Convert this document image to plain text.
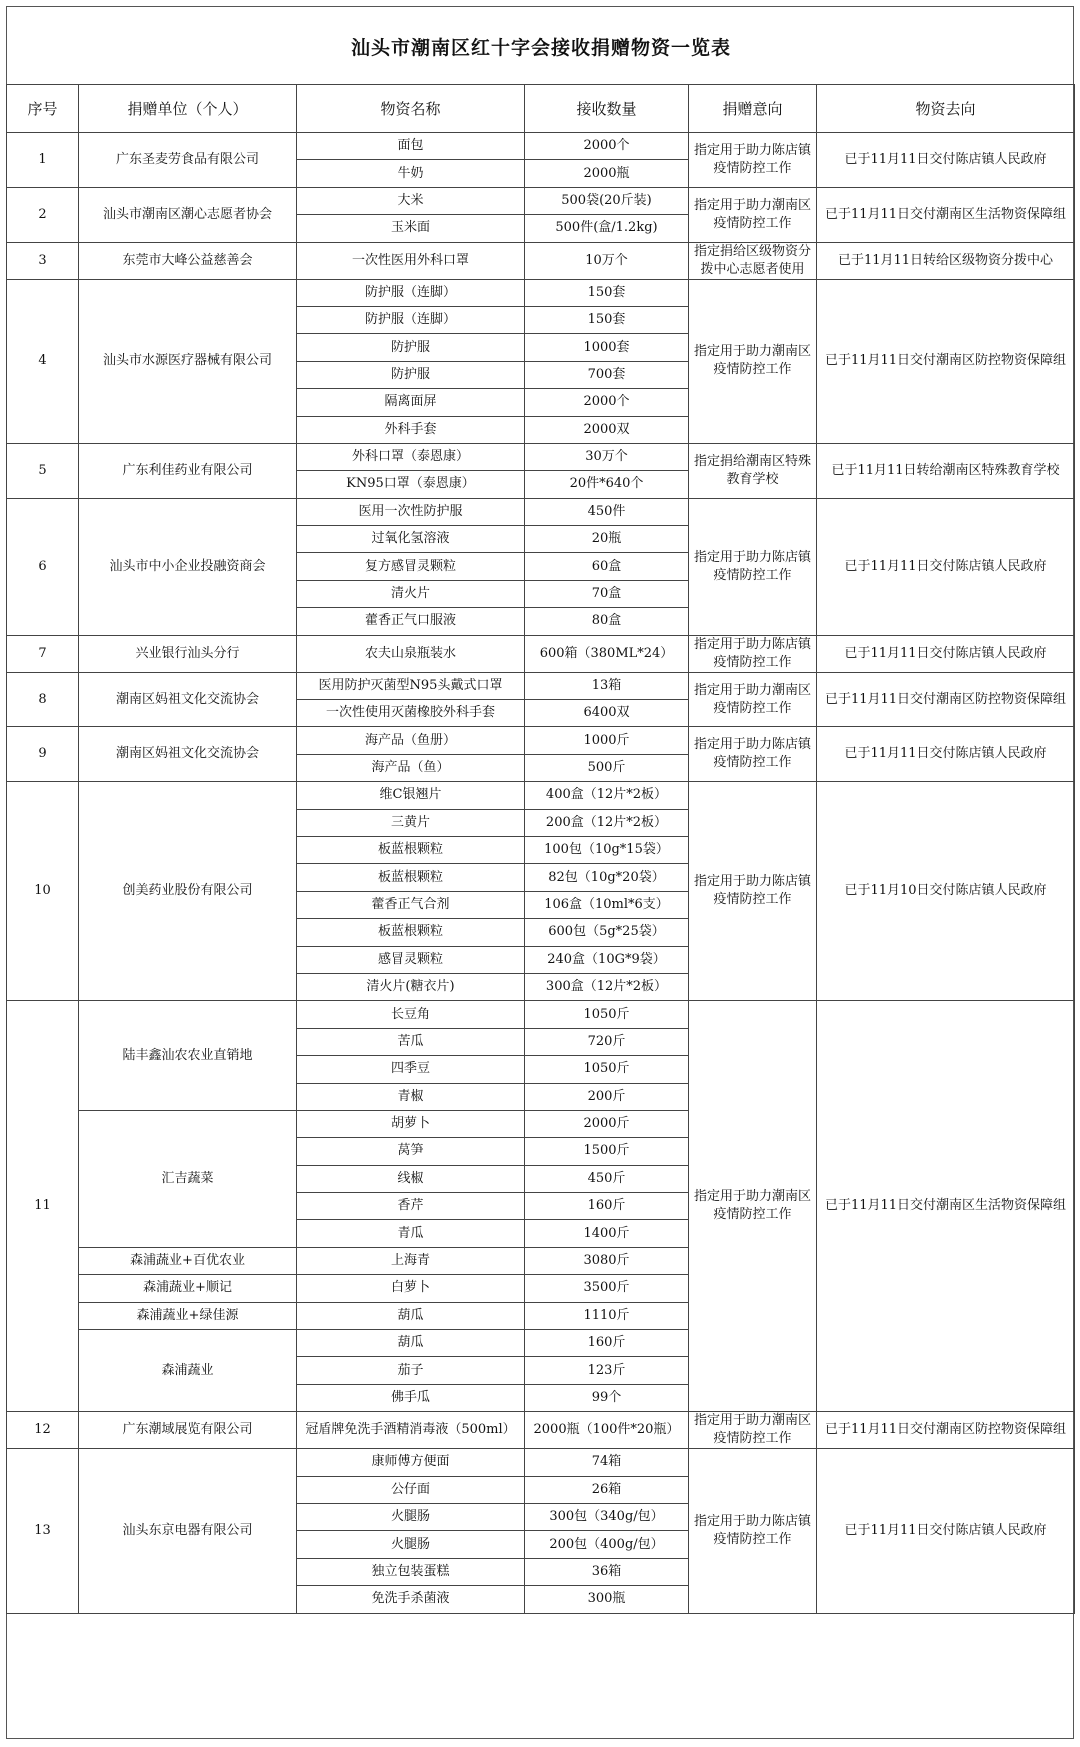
汕头市潮南区红十字会接收捐赠物资一览表
序号	捐赠单位（个人）	物资名称	接收数量	捐赠意向	物资去向
1	广东圣麦劳食品有限公司	面包	2000个	指定用于助力陈店镇疫情防控工作	已于11月11日交付陈店镇人民政府
		牛奶	2000瓶		
2	汕头市潮南区潮心志愿者协会	大米	500袋(20斤装)	指定用于助力潮南区疫情防控工作	已于11月11日交付潮南区生活物资保障组
		玉米面	500件(盒/1.2kg)		
3	东莞市大峰公益慈善会	一次性医用外科口罩	10万个	指定捐给区级物资分拨中心志愿者使用	已于11月11日转给区级物资分拨中心
4	汕头市水源医疗器械有限公司	防护服（连脚）	150套	指定用于助力潮南区疫情防控工作	已于11月11日交付潮南区防控物资保障组
		防护服（连脚）	150套		
		防护服	1000套		
		防护服	700套		
		隔离面屏	2000个		
		外科手套	2000双		
5	广东利佳药业有限公司	外科口罩（泰恩康）	30万个	指定捐给潮南区特殊教育学校	已于11月11日转给潮南区特殊教育学校
		KN95口罩（泰恩康）	20件*640个		
6	汕头市中小企业投融资商会	医用一次性防护服	450件	指定用于助力陈店镇疫情防控工作	已于11月11日交付陈店镇人民政府
		过氧化氢溶液	20瓶		
		复方感冒灵颗粒	60盒		
		清火片	70盒		
		藿香正气口服液	80盒		
7	兴业银行汕头分行	农夫山泉瓶装水	600箱（380ML*24）	指定用于助力陈店镇疫情防控工作	已于11月11日交付陈店镇人民政府
8	潮南区妈祖文化交流协会	医用防护灭菌型N95头戴式口罩	13箱	指定用于助力潮南区疫情防控工作	已于11月11日交付潮南区防控物资保障组
		一次性使用灭菌橡胶外科手套	6400双		
9	潮南区妈祖文化交流协会	海产品（鱼册）	1000斤	指定用于助力陈店镇疫情防控工作	已于11月11日交付陈店镇人民政府
		海产品（鱼）	500斤		
10	创美药业股份有限公司	维C银翘片	400盒（12片*2板）	指定用于助力陈店镇疫情防控工作	已于11月10日交付陈店镇人民政府
		三黄片	200盒（12片*2板）		
		板蓝根颗粒	100包（10g*15袋）		
		板蓝根颗粒	82包（10g*20袋）		
		藿香正气合剂	106盒（10ml*6支）		
		板蓝根颗粒	600包（5g*25袋）		
		感冒灵颗粒	240盒（10G*9袋）		
		清火片(糖衣片)	300盒（12片*2板）		
11	陆丰鑫汕农农业直销地	长豆角	1050斤	指定用于助力潮南区疫情防控工作	已于11月11日交付潮南区生活物资保障组
		苦瓜	720斤		
		四季豆	1050斤		
		青椒	200斤		
	汇吉蔬菜	胡萝卜	2000斤		
		莴笋	1500斤		
		线椒	450斤		
		香芹	160斤		
		青瓜	1400斤		
	森浦蔬业+百优农业	上海青	3080斤		
	森浦蔬业+顺记	白萝卜	3500斤		
	森浦蔬业+绿佳源	葫瓜	1110斤		
	森浦蔬业	葫瓜	160斤		
		茄子	123斤		
		佛手瓜	99个		
12	广东潮域展览有限公司	冠盾牌免洗手酒精消毒液（500ml）	2000瓶（100件*20瓶）	指定用于助力潮南区疫情防控工作	已于11月11日交付潮南区防控物资保障组
13	汕头东京电器有限公司	康师傅方便面	74箱	指定用于助力陈店镇疫情防控工作	已于11月11日交付陈店镇人民政府
		公仔面	26箱		
		火腿肠	300包（340g/包）		
		火腿肠	200包（400g/包）		
		独立包装蛋糕	36箱		
		免洗手杀菌液	300瓶		
